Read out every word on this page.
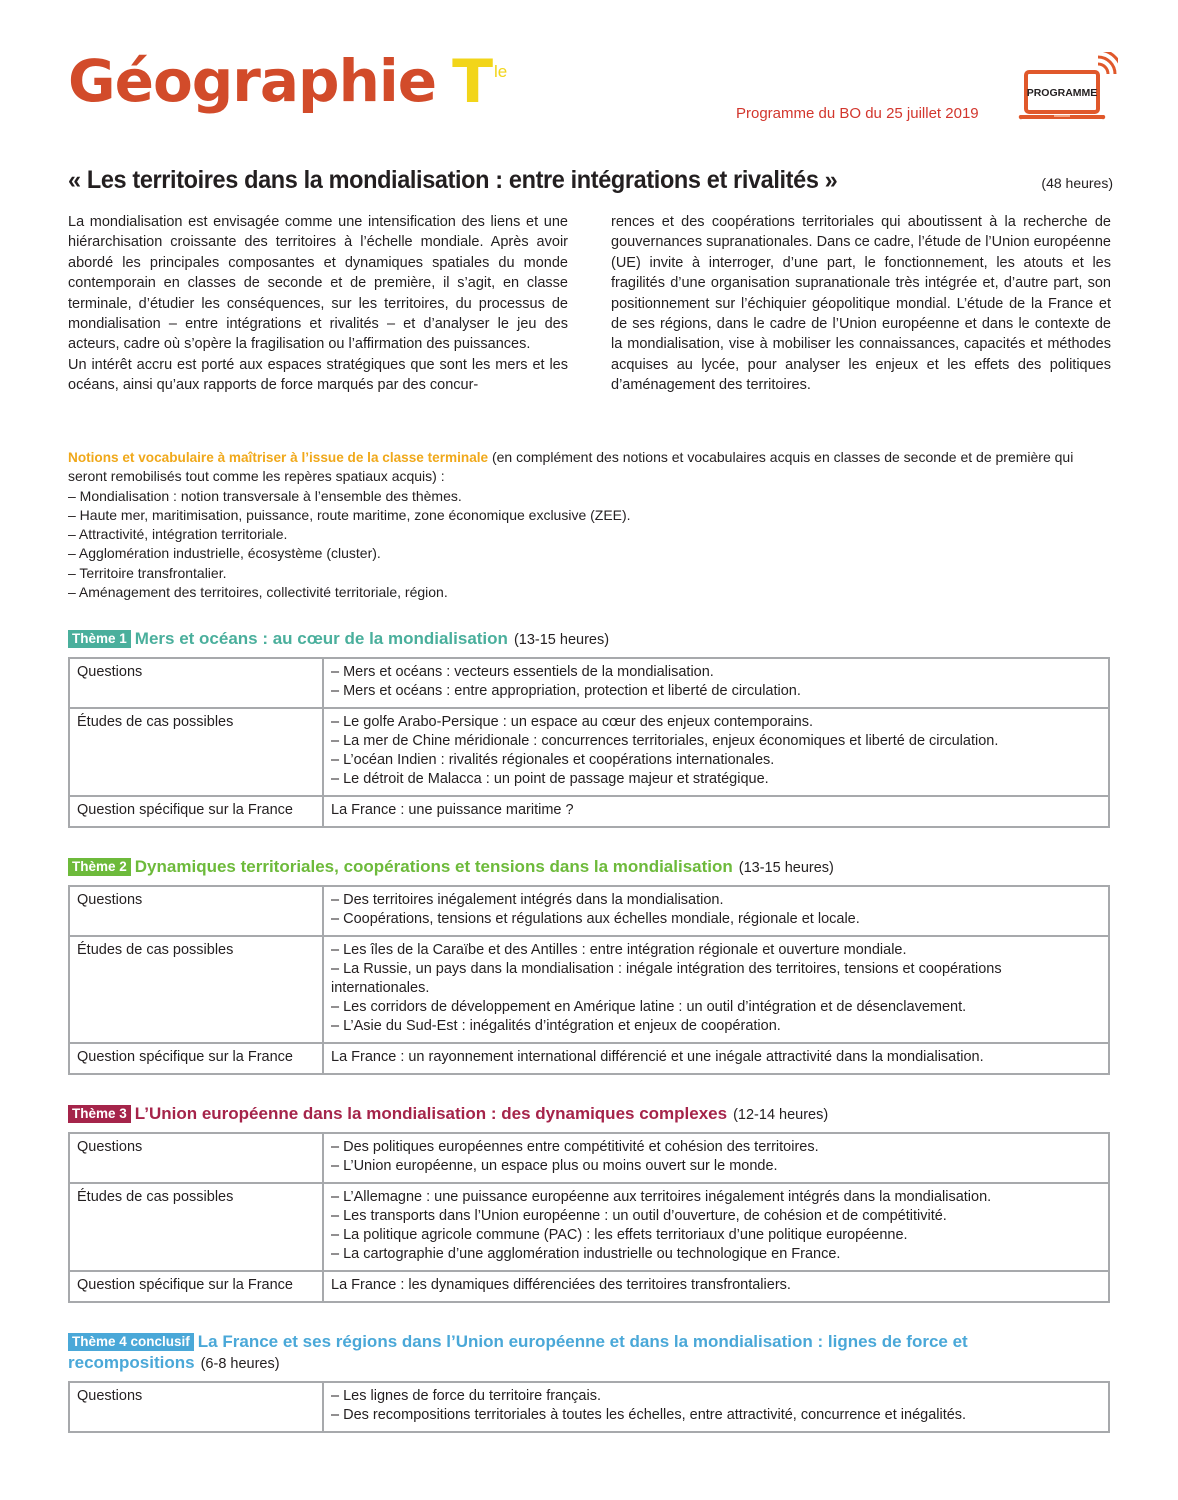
Géographie T le
Programme du BO du 25 juillet 2019
PROGRAMME
« Les territoires dans la mondialisation : entre intégrations et rivalités »	(48 heures)

La mondialisation est envisagée comme une intensification des liens et une hiérarchisation croissante des territoires à l’échelle mondiale. Après avoir abordé les principales composantes et dynamiques spatiales du monde contemporain en classes de seconde et de première, il s’agit, en classe terminale, d’étudier les conséquences, sur les territoires, du processus de mondialisation – entre intégrations et rivalités – et d’analyser le jeu des acteurs, cadre où s’opère la fragilisation ou l’affirmation des puissances.

Un intérêt accru est porté aux espaces stratégiques que sont les mers et les océans, ainsi qu’aux rapports de force marqués par des concur-

rences et des coopérations territoriales qui aboutissent à la recherche de gouvernances supranationales. Dans ce cadre, l’étude de l’Union européenne (UE) invite à interroger, d’une part, le fonctionnement, les atouts et les fragilités d’une organisation supranationale très intégrée et, d’autre part, son positionnement sur l’échiquier géopolitique mondial. L’étude de la France et de ses régions, dans le cadre de l’Union européenne et dans le contexte de la mondialisation, vise à mobiliser les connaissances, capacités et méthodes acquises au lycée, pour analyser les enjeux et les effets des politiques d’aménagement des territoires.

Notions et vocabulaire à maîtriser à l’issue de la classe terminale (en complément des notions et vocabulaires acquis en classes de seconde et de première qui seront remobilisés tout comme les repères spatiaux acquis) :

– Mondialisation : notion transversale à l’ensemble des thèmes.
– Haute mer, maritimisation, puissance, route maritime, zone économique exclusive (ZEE).
– Attractivité, intégration territoriale.
– Agglomération industrielle, écosystème (cluster).
– Territoire transfrontalier.
– Aménagement des territoires, collectivité territoriale, région.
Thème 1 Mers et océans : au cœur de la mondialisation (13-15 heures)
Questions	– Mers et océans : vecteurs essentiels de la mondialisation.
– Mers et océans : entre appropriation, protection et liberté de circulation.

Études de cas possibles	– Le golfe Arabo-Persique : un espace au cœur des enjeux contemporains.
– La mer de Chine méridionale : concurrences territoriales, enjeux économiques et liberté de circulation.
– L’océan Indien : rivalités régionales et coopérations internationales.
– Le détroit de Malacca : un point de passage majeur et stratégique.

Question spécifique sur la France	La France : une puissance maritime ?
Thème 2 Dynamiques territoriales, coopérations et tensions dans la mondialisation (13-15 heures)
Questions	– Des territoires inégalement intégrés dans la mondialisation.
– Coopérations, tensions et régulations aux échelles mondiale, régionale et locale.

Études de cas possibles	– Les îles de la Caraïbe et des Antilles : entre intégration régionale et ouverture mondiale.
– La Russie, un pays dans la mondialisation : inégale intégration des territoires, tensions et coopérations internationales.
– Les corridors de développement en Amérique latine : un outil d’intégration et de désenclavement.
– L’Asie du Sud-Est : inégalités d’intégration et enjeux de coopération.

Question spécifique sur la France	La France : un rayonnement international différencié et une inégale attractivité dans la mondialisation.
Thème 3 L’Union européenne dans la mondialisation : des dynamiques complexes (12-14 heures)
Questions	– Des politiques européennes entre compétitivité et cohésion des territoires.
– L’Union européenne, un espace plus ou moins ouvert sur le monde.

Études de cas possibles	– L’Allemagne : une puissance européenne aux territoires inégalement intégrés dans la mondialisation.
– Les transports dans l’Union européenne : un outil d’ouverture, de cohésion et de compétitivité.
– La politique agricole commune (PAC) : les effets territoriaux d’une politique européenne.
– La cartographie d’une agglomération industrielle ou technologique en France.

Question spécifique sur la France	La France : les dynamiques différenciées des territoires transfrontaliers.
Thème 4 conclusif La France et ses régions dans l’Union européenne et dans la mondialisation : lignes de force et recompositions (6-8 heures)
Questions	– Les lignes de force du territoire français.
– Des recompositions territoriales à toutes les échelles, entre attractivité, concurrence et inégalités.
